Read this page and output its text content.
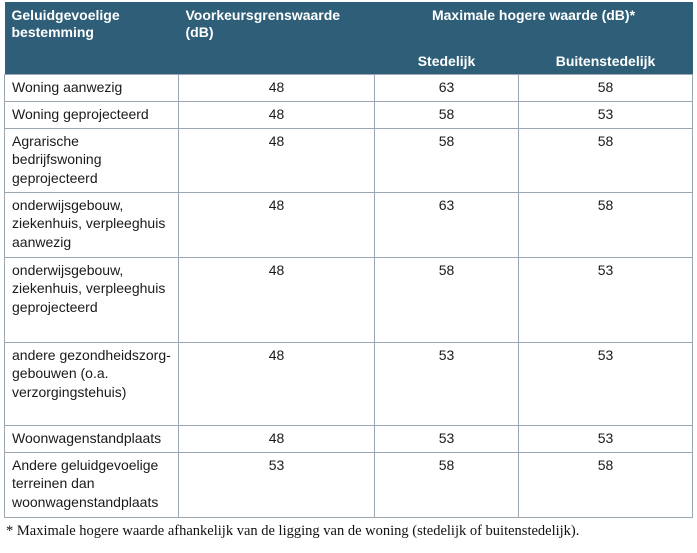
Geluidgevoelige bestemming	Voorkeursgrenswaarde (dB)	Maximale hogere waarde (dB)*	
		Stedelijk	Buitenstedelijk
Woning aanwezig	48	63	58
Woning geprojecteerd	48	58	53
Agrarische bedrijfswoning geprojecteerd	48	58	58
onderwijsgebouw, ziekenhuis, verpleeghuis aanwezig	48	63	58
onderwijsgebouw, ziekenhuis, verpleeghuis geprojecteerd	48	58	53
andere gezondheidszorg-gebouwen (o.a. verzorgingstehuis)	48	53	53
Woonwagenstandplaats	48	53	53
Andere geluidgevoelige terreinen dan woonwagenstandplaats	53	58	58
* Maximale hogere waarde afhankelijk van de ligging van de woning (stedelijk of buitenstedelijk).
